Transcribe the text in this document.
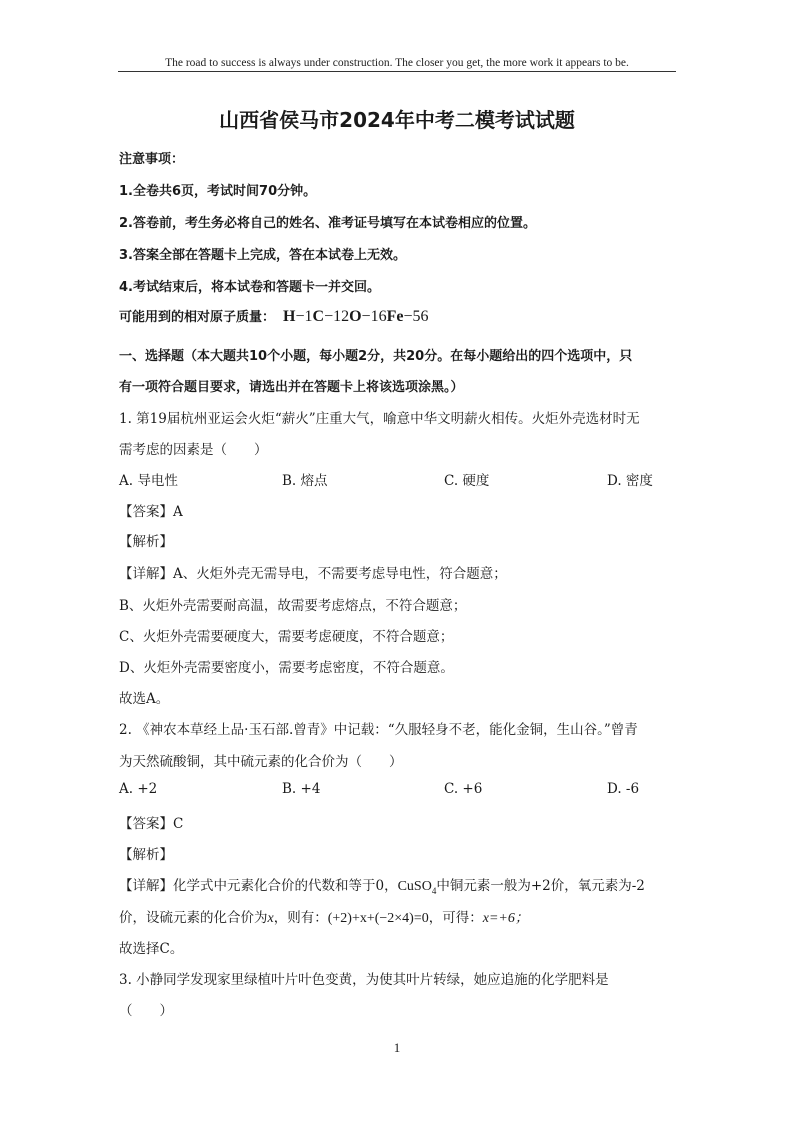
The road to success is always under construction. The closer you get, the more work it appears to be.
山西省侯马市2024年中考二模考试试题
注意事项：
1.全卷共6页，考试时间70分钟。
2.答卷前，考生务必将自己的姓名、准考证号填写在本试卷相应的位置。
3.答案全部在答题卡上完成，答在本试卷上无效。
4.考试结束后，将本试卷和答题卡一并交回。
可能用到的相对原子质量： H−1C−12O−16Fe−56
一、选择题（本大题共10个小题，每小题2分，共20分。在每小题给出的四个选项中，只
有一项符合题目要求，请选出并在答题卡上将该选项涂黑。）
1. 第19届杭州亚运会火炬“薪火”庄重大气，喻意中华文明薪火相传。火炬外壳选材时无
需考虑的因素是（　　）
A. 导电性	B. 熔点	C. 硬度	D. 密度
【答案】A
【解析】
【详解】A、火炬外壳无需导电，不需要考虑导电性，符合题意；
B、火炬外壳需要耐高温，故需要考虑熔点，不符合题意；
C、火炬外壳需要硬度大，需要考虑硬度，不符合题意；
D、火炬外壳需要密度小，需要考虑密度，不符合题意。
故选A。
2. 《神农本草经上品·玉石部.曾青》中记载：“久服轻身不老，能化金铜，生山谷。”曾青
为天然硫酸铜，其中硫元素的化合价为（　　）
A. +2	B. +4	C. +6	D. -6
【答案】C
【解析】
【详解】化学式中元素化合价的代数和等于0，CuSO$_4$中铜元素一般为+2价，氧元素为-2
价，设硫元素的化合价为x，则有：(+2)+x+(−2×4)=0，可得：x=+6；
故选择C。
3. 小静同学发现家里绿植叶片叶色变黄，为使其叶片转绿，她应追施的化学肥料是
（　　）
1
